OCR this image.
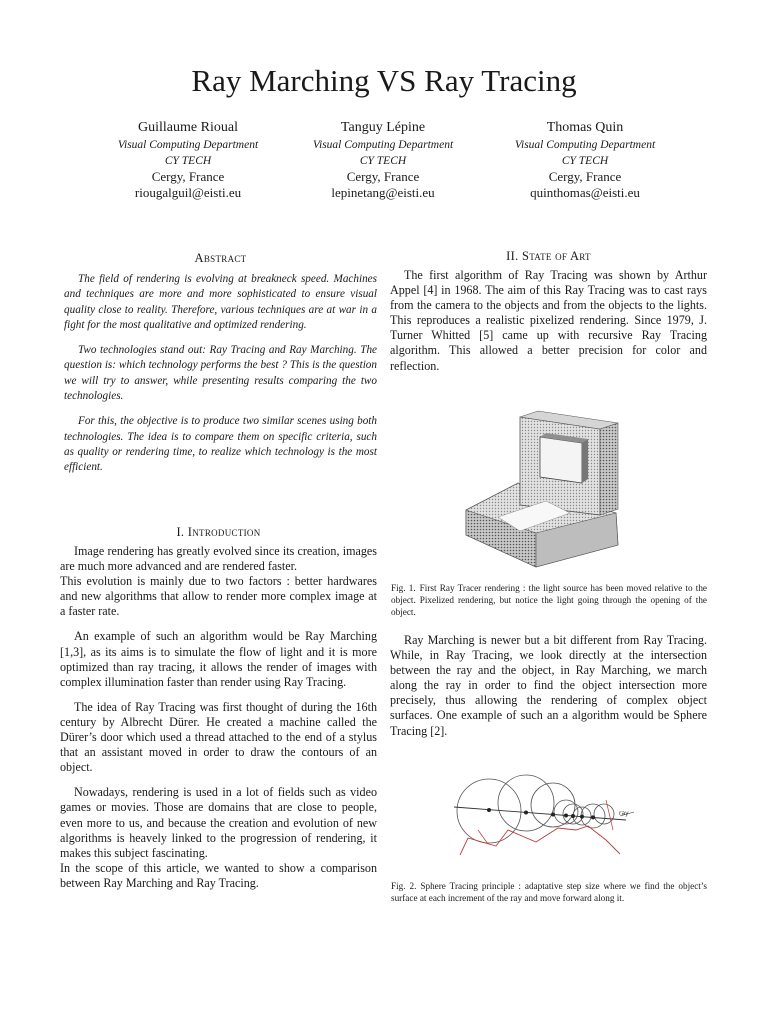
Ray Marching VS Ray Tracing
Guillaume Rioual
Visual Computing Department
CY TECH
Cergy, France
riougalguil@eisti.eu
Tanguy Lépine
Visual Computing Department
CY TECH
Cergy, France
lepinetang@eisti.eu
Thomas Quin
Visual Computing Department
CY TECH
Cergy, France
quinthomas@eisti.eu
Abstract

The field of rendering is evolving at breakneck speed. Machines and techniques are more and more sophisticated to ensure visual quality close to reality. Therefore, various techniques are at war in a fight for the most qualitative and optimized rendering.

Two technologies stand out: Ray Tracing and Ray Marching. The question is: which technology performs the best ? This is the question we will try to answer, while presenting results comparing the two technologies.

For this, the objective is to produce two similar scenes using both technologies. The idea is to compare them on specific criteria, such as quality or rendering time, to realize which technology is the most efficient.

I. Introduction

Image rendering has greatly evolved since its creation, images are much more advanced and are rendered faster.

This evolution is mainly due to two factors : better hardwares and new algorithms that allow to render more complex image at a faster rate.

An example of such an algorithm would be Ray Marching [1,3], as its aims is to simulate the flow of light and it is more optimized than ray tracing, it allows the render of images with complex illumination faster than render using Ray Tracing.

The idea of Ray Tracing was first thought of during the 16th century by Albrecht Dürer. He created a machine called the Dürer’s door which used a thread attached to the end of a stylus that an assistant moved in order to draw the contours of an object.

Nowadays, rendering is used in a lot of fields such as video games or movies. Those are domains that are close to people, even more to us, and because the creation and evolution of new algorithms is heavely linked to the progression of rendering, it makes this subject fascinating.

In the scope of this article, we wanted to show a comparison between Ray Marching and Ray Tracing.

II. State of Art

The first algorithm of Ray Tracing was shown by Arthur Appel [4] in 1968. The aim of this Ray Tracing was to cast rays from the camera to the objects and from the objects to the lights. This reproduces a realistic pixelized rendering. Since 1979, J. Turner Whitted [5] came up with recursive Ray Tracing algorithm. This allowed a better precision for color and reflection.

Fig. 1. First Ray Tracer rendering : the light source has been moved relative to the object. Pixelized rendering, but notice the light going through the opening of the object.

Ray Marching is newer but a bit different from Ray Tracing. While, in Ray Tracing, we look directly at the intersection between the ray and the object, in Ray Marching, we march along the ray in order to find the object intersection more precisely, thus allowing the rendering of complex object surfaces. One example of such an a algorithm would be Sphere Tracing [2].

ray
Fig. 2. Sphere Tracing principle : adaptative step size where we find the object’s surface at each increment of the ray and move forward along it.
